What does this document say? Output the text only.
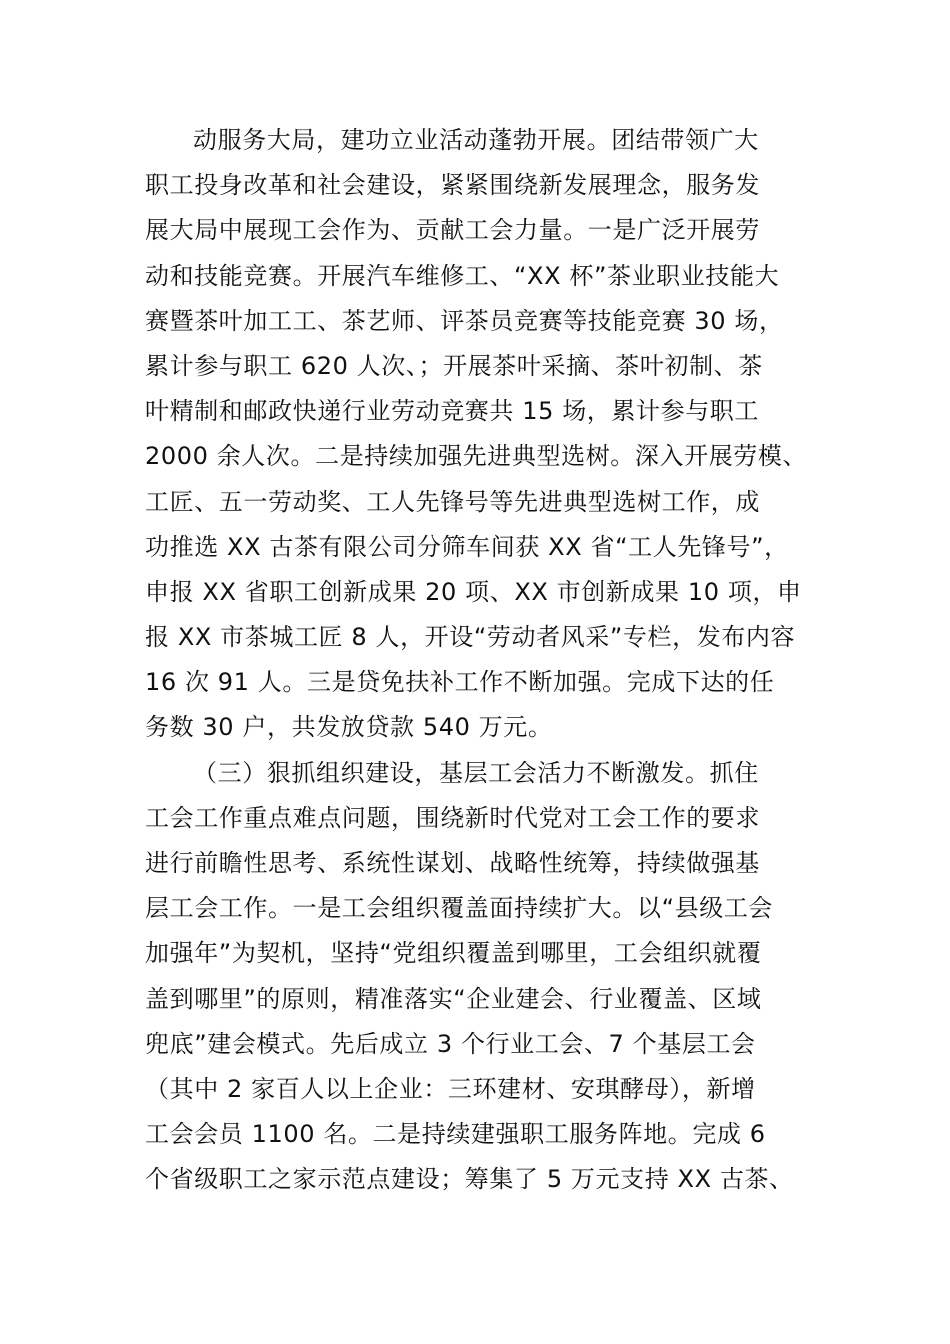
动服务大局，建功立业活动蓬勃开展。团结带领广大
职工投身改革和社会建设，紧紧围绕新发展理念，服务发
展大局中展现工会作为、贡献工会力量。一是广泛开展劳
动和技能竞赛。开展汽车维修工、“XX 杯”茶业职业技能大
赛暨茶叶加工工、茶艺师、评茶员竞赛等技能竞赛 30 场，
累计参与职工 620 人次、；开展茶叶采摘、茶叶初制、茶
叶精制和邮政快递行业劳动竞赛共 15 场，累计参与职工
2000 余人次。二是持续加强先进典型选树。深入开展劳模、
工匠、五一劳动奖、工人先锋号等先进典型选树工作，成
功推选 XX 古茶有限公司分筛车间获 XX 省“工人先锋号”，
申报 XX 省职工创新成果 20 项、XX 市创新成果 10 项，申
报 XX 市茶城工匠 8 人，开设“劳动者风采”专栏，发布内容
16 次 91 人。三是贷免扶补工作不断加强。完成下达的任
务数 30 户，共发放贷款 540 万元。
（三）狠抓组织建设，基层工会活力不断激发。抓住
工会工作重点难点问题，围绕新时代党对工会工作的要求
进行前瞻性思考、系统性谋划、战略性统筹，持续做强基
层工会工作。一是工会组织覆盖面持续扩大。以“县级工会
加强年”为契机，坚持“党组织覆盖到哪里，工会组织就覆
盖到哪里”的原则，精准落实“企业建会、行业覆盖、区域
兜底”建会模式。先后成立 3 个行业工会、7 个基层工会
（其中 2 家百人以上企业：三环建材、安琪酵母），新增
工会会员 1100 名。二是持续建强职工服务阵地。完成 6
个省级职工之家示范点建设；筹集了 5 万元支持 XX 古茶、
